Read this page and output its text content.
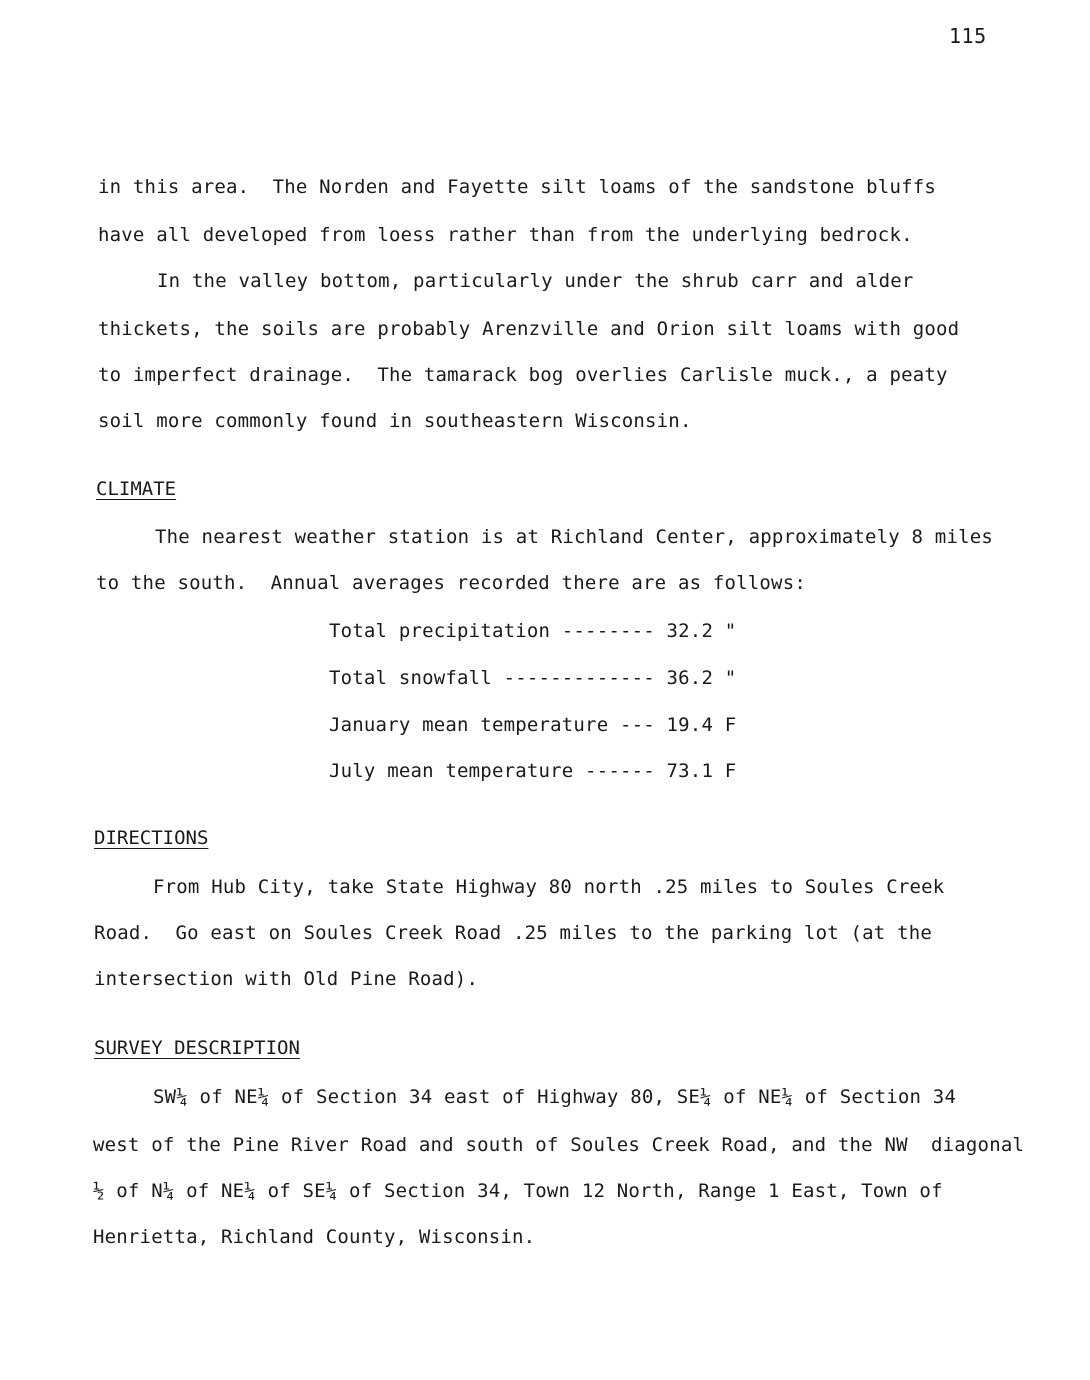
115
in this area.  The Norden and Fayette silt loams of the sandstone bluffs
have all developed from loess rather than from the underlying bedrock.
In the valley bottom, particularly under the shrub carr and alder
thickets, the soils are probably Arenzville and Orion silt loams with good
to imperfect drainage.  The tamarack bog overlies Carlisle muck., a peaty
soil more commonly found in southeastern Wisconsin.
CLIMATE
The nearest weather station is at Richland Center, approximately 8 miles
to the south.  Annual averages recorded there are as follows:
Total precipitation -------- 32.2 "
Total snowfall ------------- 36.2 "
January mean temperature --- 19.4 F
July mean temperature ------ 73.1 F
DIRECTIONS
From Hub City, take State Highway 80 north .25 miles to Soules Creek
Road.  Go east on Soules Creek Road .25 miles to the parking lot (at the
intersection with Old Pine Road).
SURVEY DESCRIPTION
SW¼ of NE¼ of Section 34 east of Highway 80, SE¼ of NE¼ of Section 34
west of the Pine River Road and south of Soules Creek Road, and the NW  diagonal
½ of N¼ of NE¼ of SE¼ of Section 34, Town 12 North, Range 1 East, Town of
Henrietta, Richland County, Wisconsin.
